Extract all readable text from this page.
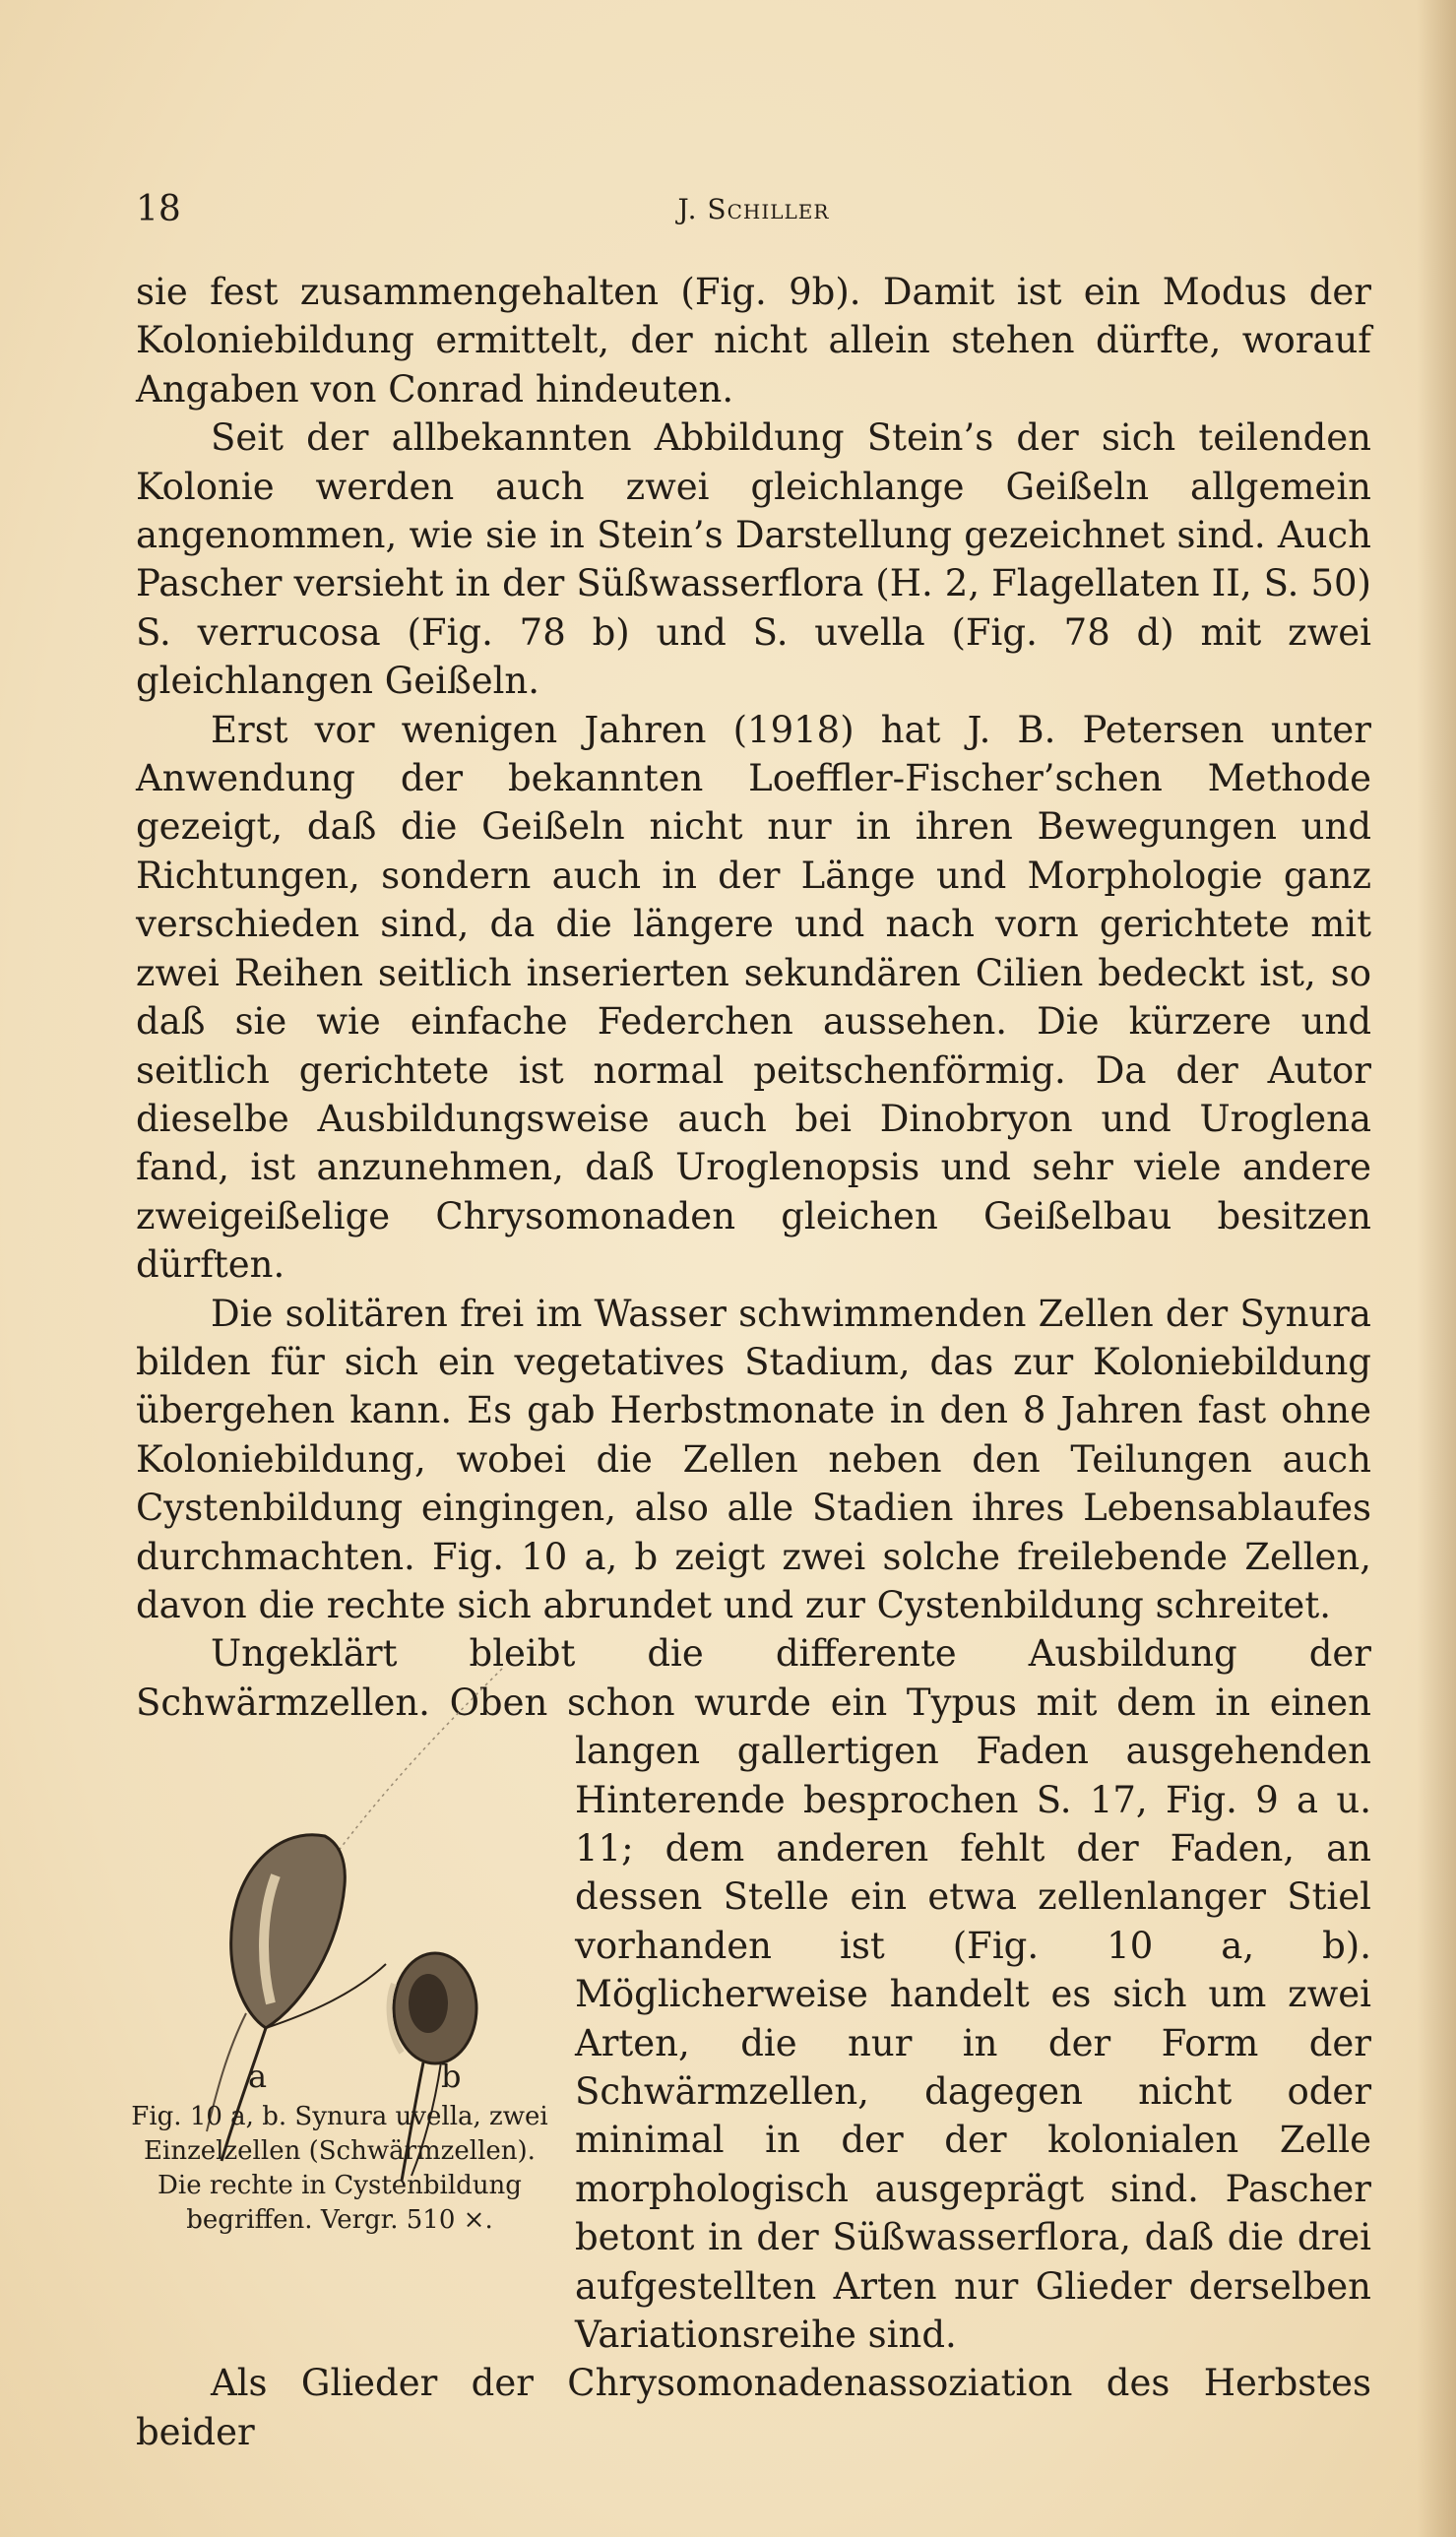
18	J. Schiller

sie fest zusammengehalten (Fig. 9b). Damit ist ein Modus der Koloniebildung ermittelt, der nicht allein stehen dürfte, worauf Angaben von Conrad hindeuten.

Seit der allbekannten Abbildung Stein’s der sich teilenden Kolonie werden auch zwei gleichlange Geißeln allgemein angenommen, wie sie in Stein’s Darstellung gezeichnet sind. Auch Pascher versieht in der Süßwasserflora (H. 2, Flagellaten II, S. 50) S. verrucosa (Fig. 78 b) und S. uvella (Fig. 78 d) mit zwei gleichlangen Geißeln.

Erst vor wenigen Jahren (1918) hat J. B. Petersen unter Anwendung der bekannten Loeffler-Fischer’schen Methode gezeigt, daß die Geißeln nicht nur in ihren Bewegungen und Richtungen, sondern auch in der Länge und Morphologie ganz verschieden sind, da die längere und nach vorn gerichtete mit zwei Reihen seitlich inserierten sekundären Cilien bedeckt ist, so daß sie wie einfache Federchen aussehen. Die kürzere und seitlich gerichtete ist normal peitschenförmig. Da der Autor dieselbe Ausbildungsweise auch bei Dinobryon und Uroglena fand, ist anzunehmen, daß Uroglenopsis und sehr viele andere zweigeißelige Chrysomonaden gleichen Geißelbau besitzen dürften.

Die solitären frei im Wasser schwimmenden Zellen der Synura bilden für sich ein vegetatives Stadium, das zur Koloniebildung übergehen kann. Es gab Herbstmonate in den 8 Jahren fast ohne Koloniebildung, wobei die Zellen neben den Teilungen auch Cystenbildung eingingen, also alle Stadien ihres Lebensablaufes durchmachten. Fig. 10 a, b zeigt zwei solche freilebende Zellen, davon die rechte sich abrundet und zur Cystenbildung schreitet.

a	b
Fig. 10 a, b. Synura uvella, zwei Einzelzellen (Schwärmzellen). Die rechte in Cystenbildung begriffen. Vergr. 510 ×.

Ungeklärt bleibt die differente Ausbildung der Schwärmzellen. Oben schon wurde ein Typus mit dem in einen langen gallertigen Faden ausgehenden Hinterende besprochen S. 17, Fig. 9 a u. 11; dem anderen fehlt der Faden, an dessen Stelle ein etwa zellenlanger Stiel vorhanden ist (Fig. 10 a, b). Möglicherweise handelt es sich um zwei Arten, die nur in der Form der Schwärmzellen, dagegen nicht oder minimal in der der kolonialen Zelle morphologisch ausgeprägt sind. Pascher betont in der Süßwasserflora, daß die drei aufgestellten Arten nur Glieder derselben Variationsreihe sind.

Als Glieder der Chrysomonadenassoziation des Herbstes beider
